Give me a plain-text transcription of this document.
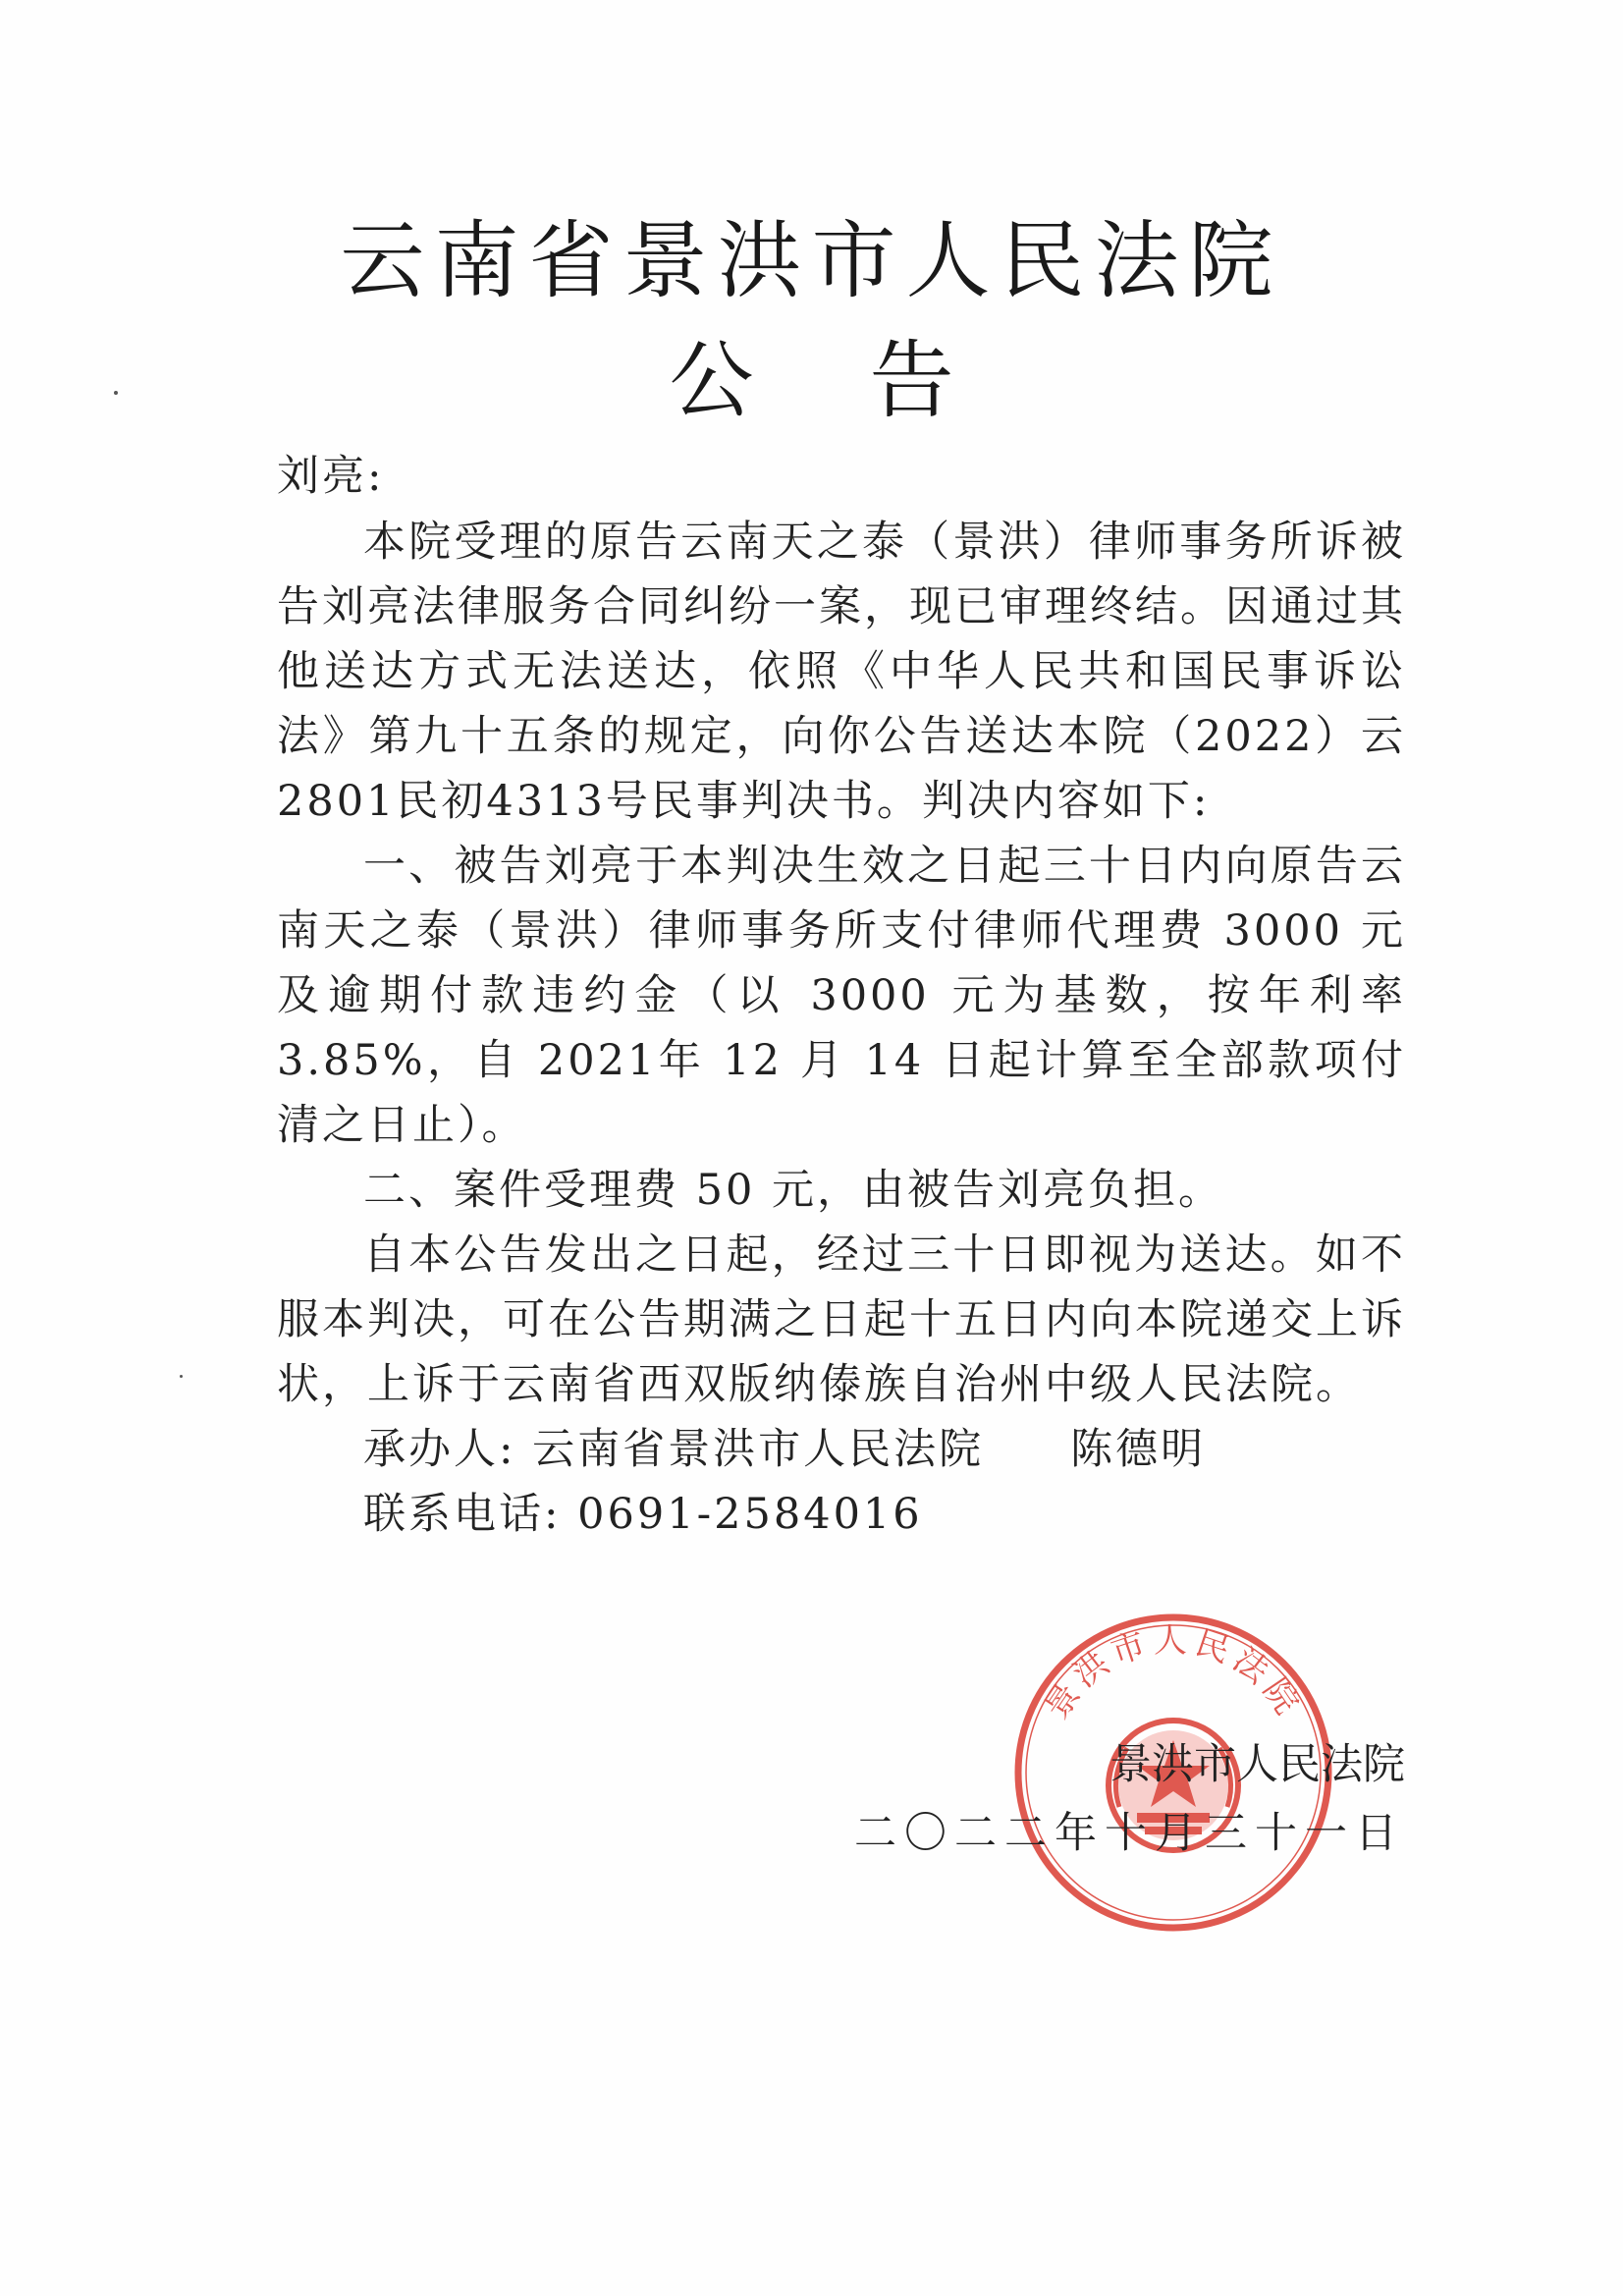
云南省景洪市人民法院
公告

刘亮:

本院受理的原告云南天之泰（景洪）律师事务所诉被告刘亮法律服务合同纠纷一案，现已审理终结。因通过其他送达方式无法送达，依照《中华人民共和国民事诉讼法》第九十五条的规定，向你公告送达本院（2022）云2801民初4313号民事判决书。判决内容如下:

一、被告刘亮于本判决生效之日起三十日内向原告云南天之泰（景洪）律师事务所支付律师代理费 3000 元及逾期付款违约金（以 3000 元为基数，按年利率 3.85%，自 2021年 12 月 14 日起计算至全部款项付清之日止）。

二、案件受理费 50 元，由被告刘亮负担。

自本公告发出之日起，经过三十日即视为送达。如不服本判决，可在公告期满之日起十五日内向本院递交上诉状，上诉于云南省西双版纳傣族自治州中级人民法院。

承办人: 云南省景洪市人民法院 陈德明

联系电话: 0691-2584016

景洪市人民法院
景洪市人民法院
二〇二二年十月三十一日
